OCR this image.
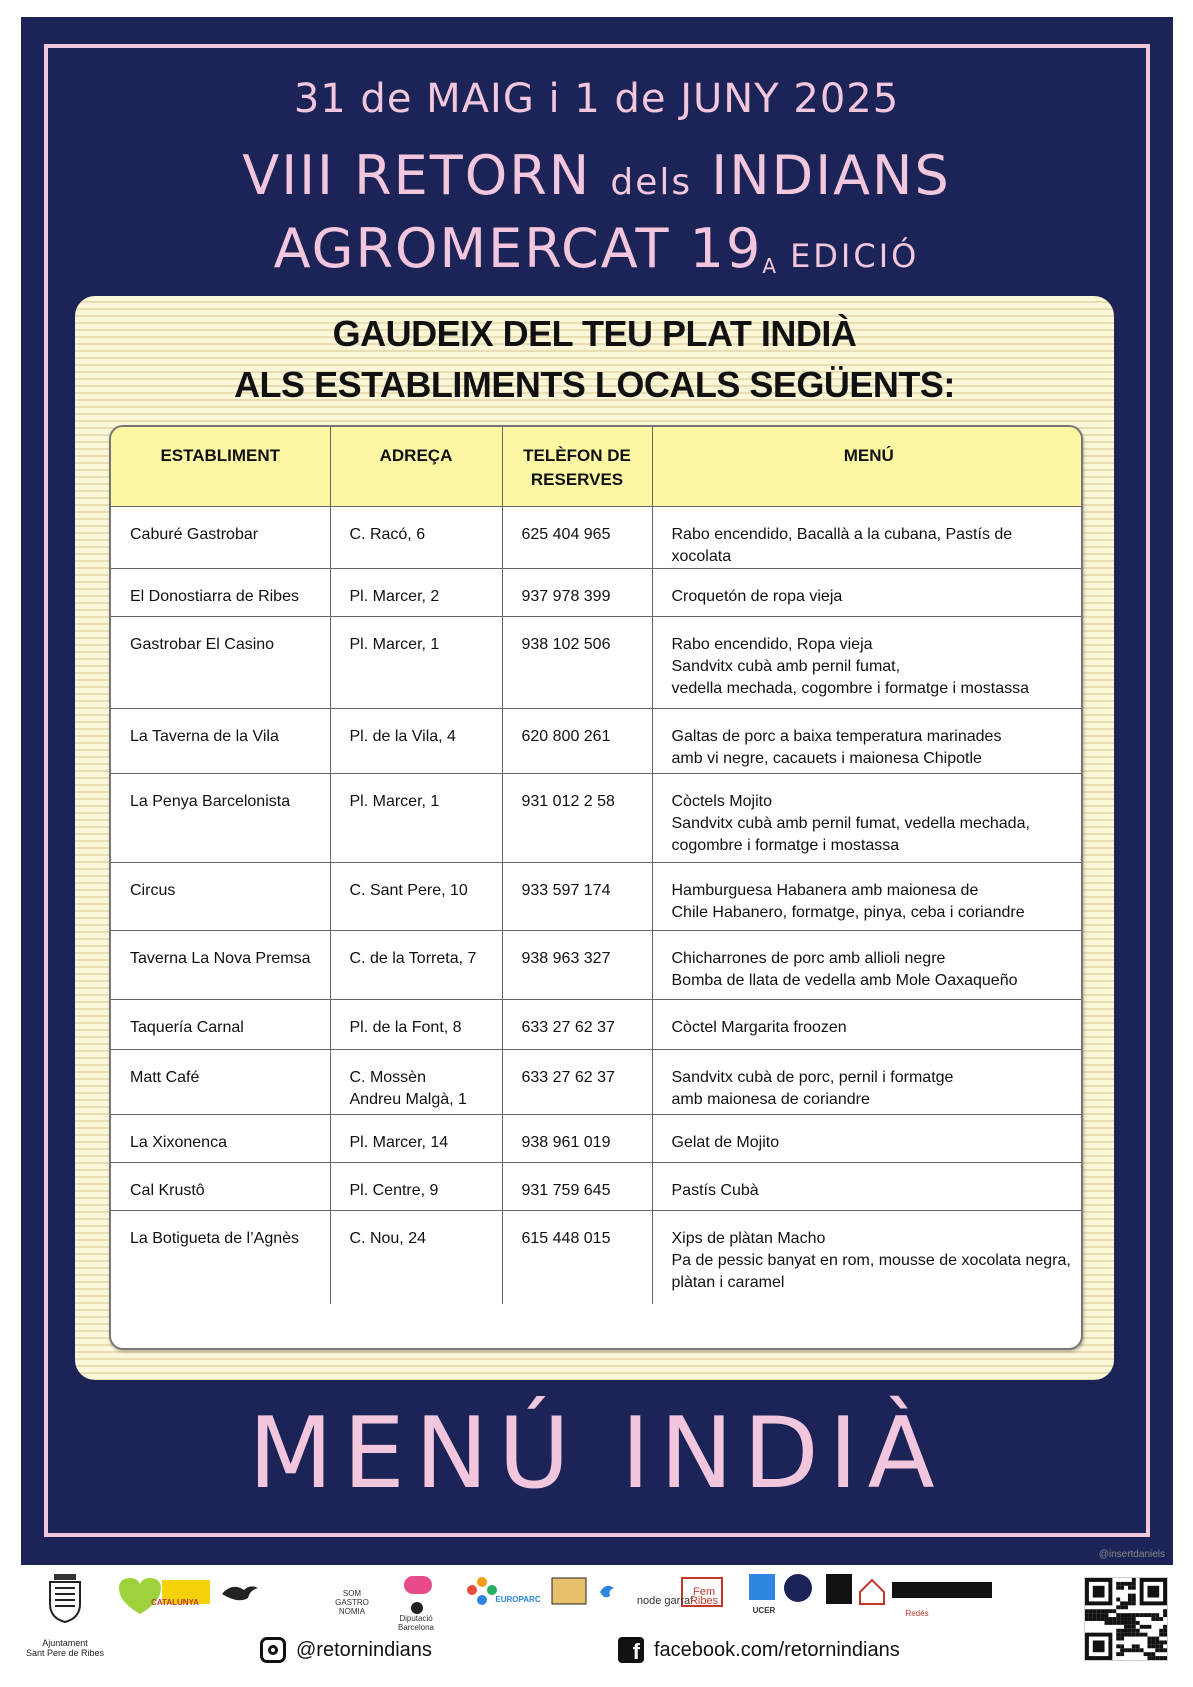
31 de MAIG i 1 de JUNY 2025
VIII RETORN dels INDIANS
AGROMERCAT 19A EDICIÓ
GAUDEIX DEL TEU PLAT INDIÀ
ALS ESTABLIMENTS LOCALS SEGÜENTS:
ESTABLIMENT	ADREÇA	TELÈFON DE RESERVES	MENÚ
Caburé Gastrobar	C. Racó, 6	625 404 965	Rabo encendido, Bacallà a la cubana, Pastís de xocolata
El Donostiarra de Ribes	Pl. Marcer, 2	937 978 399	Croquetón de ropa vieja
Gastrobar El Casino	Pl. Marcer, 1	938 102 506	Rabo encendido, Ropa vieja
Sandvitx cubà amb pernil fumat,
vedella mechada, cogombre i formatge i mostassa
La Taverna de la Vila	Pl. de la Vila, 4	620 800 261	Galtas de porc a baixa temperatura marinades
amb vi negre, cacauets i maionesa Chipotle
La Penya Barcelonista	Pl. Marcer, 1	931 012 2 58	Còctels Mojito
Sandvitx cubà amb pernil fumat, vedella mechada,
cogombre i formatge i mostassa
Circus	C. Sant Pere, 10	933 597 174	Hamburguesa Habanera amb maionesa de
Chile Habanero, formatge, pinya, ceba i coriandre
Taverna La Nova Premsa	C. de la Torreta, 7	938 963 327	Chicharrones de porc amb allioli negre
Bomba de llata de vedella amb Mole Oaxaqueño
Taquería Carnal	Pl. de la Font, 8	633 27 62 37	Còctel Margarita froozen
Matt Café	C. Mossèn
Andreu Malgà, 1	633 27 62 37	Sandvitx cubà de porc, pernil i formatge
amb maionesa de coriandre
La Xixonenca	Pl. Marcer, 14	938 961 019	Gelat de Mojito
Cal Krustô	Pl. Centre, 9	931 759 645	Pastís Cubà
La Botigueta de l’Agnès	C. Nou, 24	615 448 015	Xips de plàtan Macho
Pa de pessic banyat en rom, mousse de xocolata negra,
plàtan i caramel
MENÚ INDIÀ
@insertdaniels
SOM
GASTRO
NOMIA
CATALUNYA
Diputació
Barcelona
EUROPARC	node garraf
Fem
Ribes
UCER	Redés
Ajuntament
Sant Pere de Ribes	@retornindians	f facebook.com/retornindians
